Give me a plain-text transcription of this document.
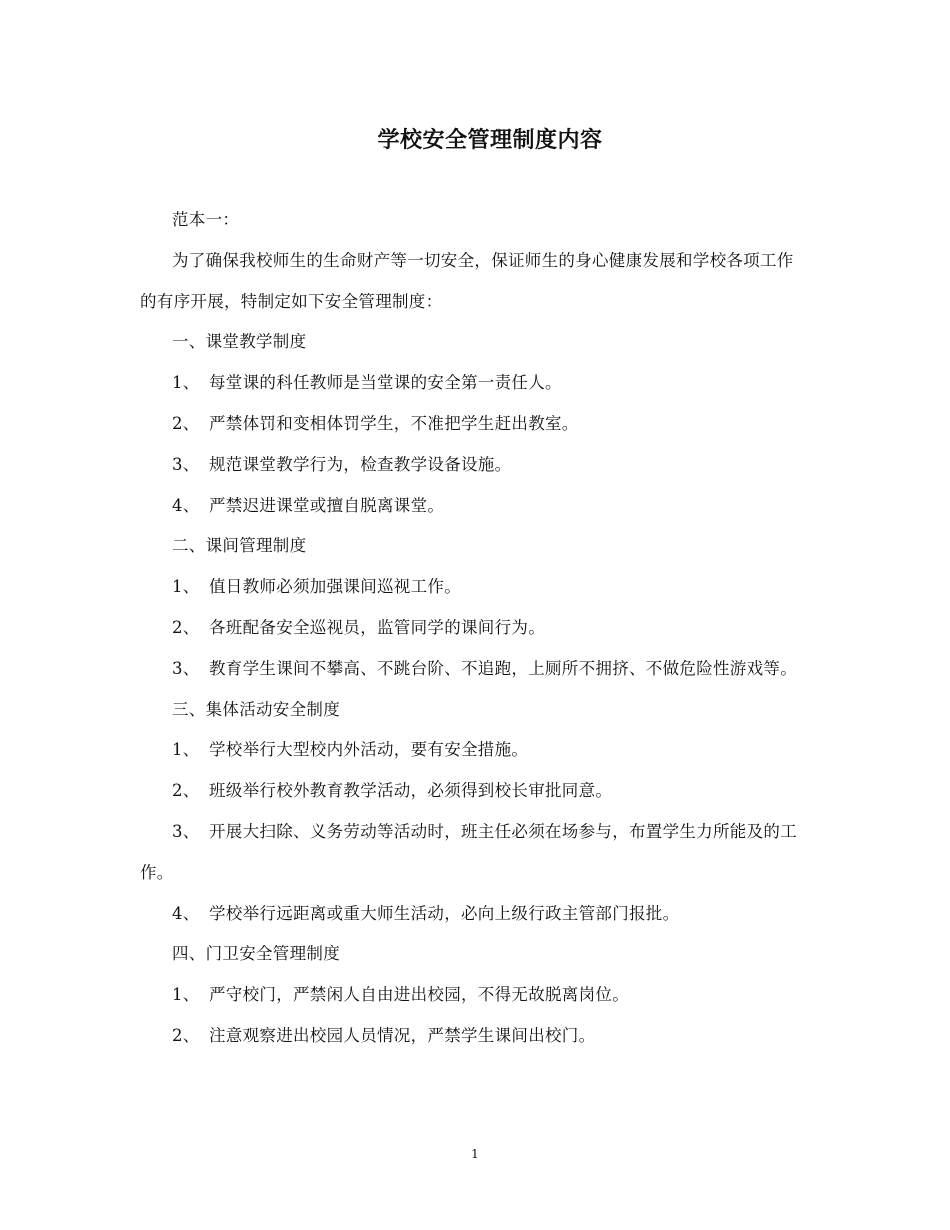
学校安全管理制度内容

范本一：

为了确保我校师生的生命财产等一切安全，保证师生的身心健康发展和学校各项工作的有序开展，特制定如下安全管理制度：

一、课堂教学制度

1、 每堂课的科任教师是当堂课的安全第一责任人。

2、 严禁体罚和变相体罚学生，不准把学生赶出教室。

3、 规范课堂教学行为，检查教学设备设施。

4、 严禁迟进课堂或擅自脱离课堂。

二、课间管理制度

1、 值日教师必须加强课间巡视工作。

2、 各班配备安全巡视员，监管同学的课间行为。

3、 教育学生课间不攀高、不跳台阶、不追跑，上厕所不拥挤、不做危险性游戏等。

三、集体活动安全制度

1、 学校举行大型校内外活动，要有安全措施。

2、 班级举行校外教育教学活动，必须得到校长审批同意。

3、 开展大扫除、义务劳动等活动时，班主任必须在场参与，布置学生力所能及的工作。

4、 学校举行远距离或重大师生活动，必向上级行政主管部门报批。

四、门卫安全管理制度

1、 严守校门，严禁闲人自由进出校园，不得无故脱离岗位。

2、 注意观察进出校园人员情况，严禁学生课间出校门。

1
